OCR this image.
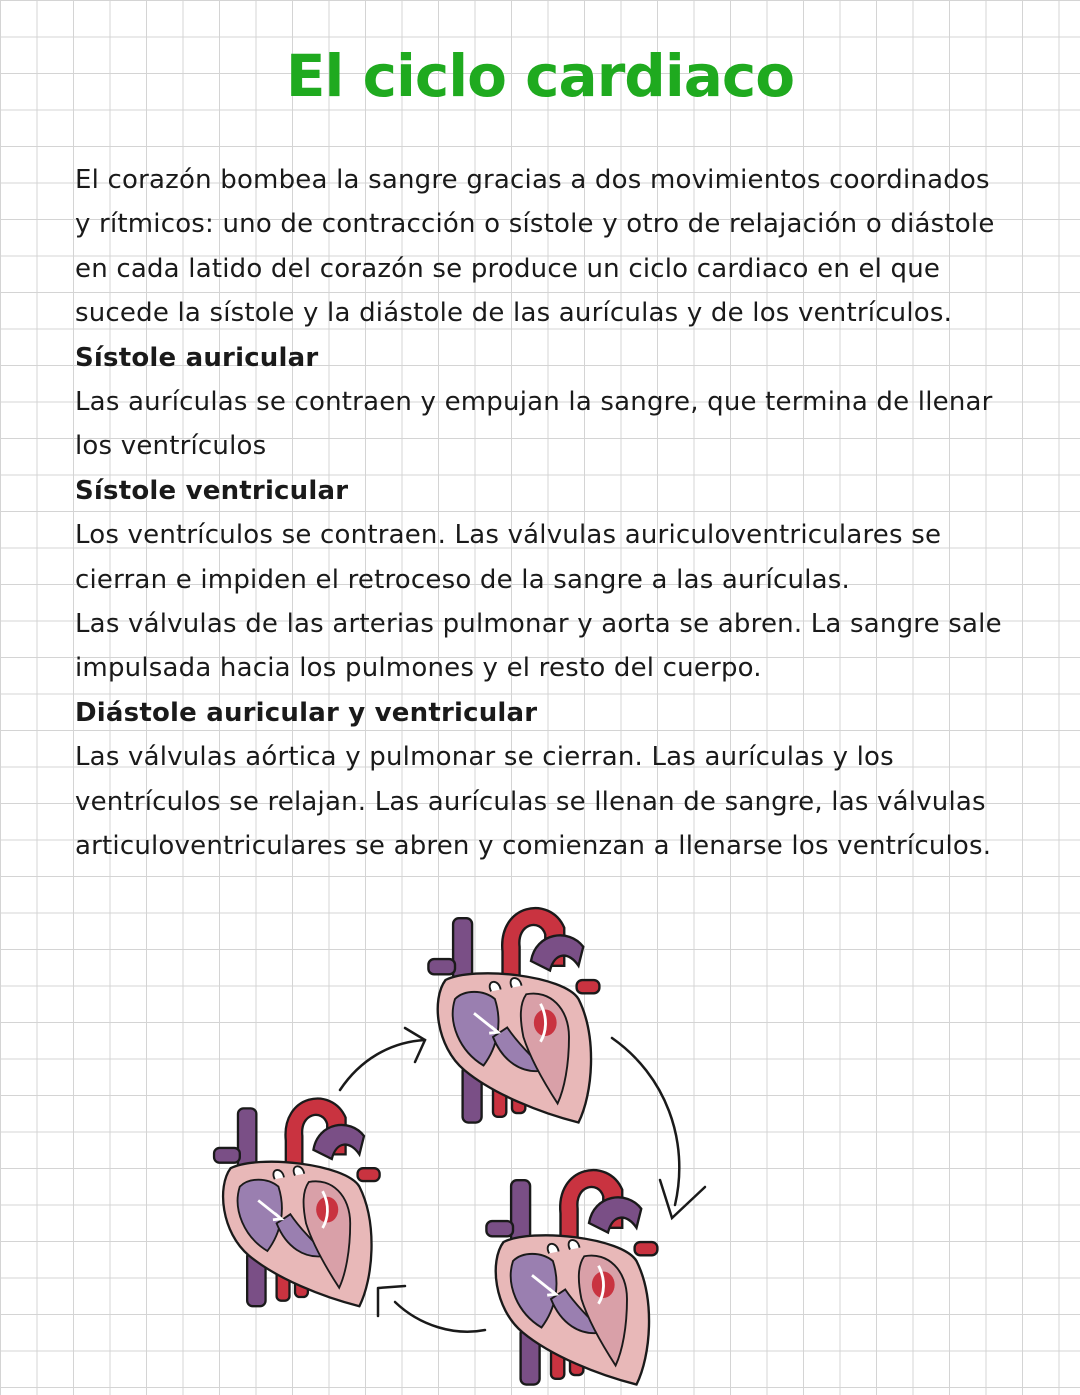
El ciclo cardiaco

El corazón bombea la sangre gracias a dos movimientos coordinados y rítmicos: uno de contracción o sístole y otro de relajación o diástole en cada latido del corazón se produce un ciclo cardiaco en el que sucede la sístole y la diástole de las aurículas y de los ventrículos.

Sístole auricular

Las aurículas se contraen y empujan la sangre, que termina de llenar los ventrículos

Sístole ventricular

Los ventrículos se contraen. Las válvulas auriculoventriculares se cierran e impiden el retroceso de la sangre a las aurículas.

Las válvulas de las arterias pulmonar y aorta se abren. La sangre sale impulsada hacia los pulmones y el resto del cuerpo.

Diástole auricular y ventricular

Las válvulas aórtica y pulmonar se cierran. Las aurículas y los ventrículos se relajan. Las aurículas se llenan de sangre, las válvulas articuloventriculares se abren y comienzan a llenarse los ventrículos.
